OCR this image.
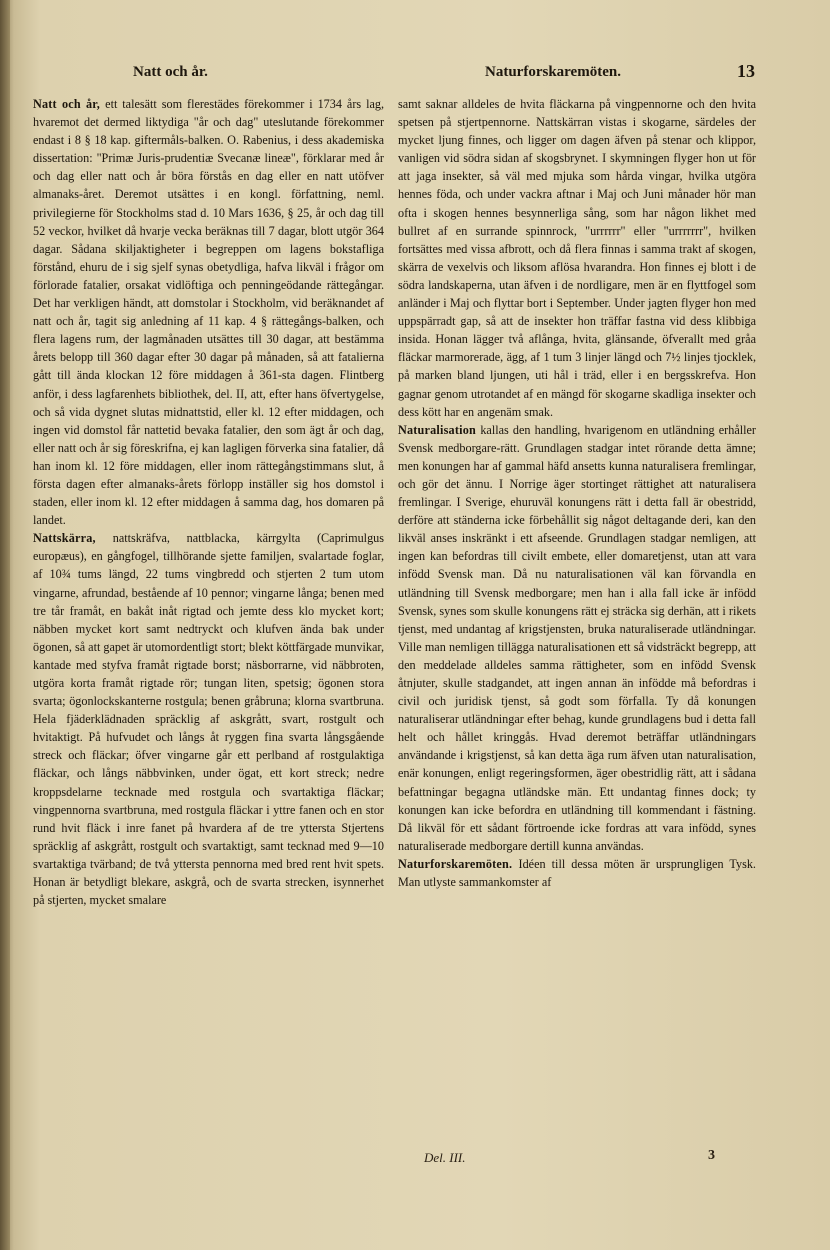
Natt och år.	Naturforskaremöten.	13

Natt och år, ett talesätt som flerestädes förekommer i 1734 års lag, hvaremot det dermed liktydiga "år och dag" uteslutande förekommer endast i 8 § 18 kap. giftermåls-balken. O. Rabenius, i dess akademiska dissertation: "Primæ Juris-prudentiæ Svecanæ lineæ", förklarar med år och dag eller natt och år böra förstås en dag eller en natt utöfver almanaks-året. Deremot utsättes i en kongl. författning, neml. privilegierne för Stockholms stad d. 10 Mars 1636, § 25, år och dag till 52 veckor, hvilket då hvarje vecka beräknas till 7 dagar, blott utgör 364 dagar. Sådana skiljaktigheter i begreppen om lagens bokstafliga förstånd, ehuru de i sig sjelf synas obetydliga, hafva likväl i frågor om förlorade fatalier, orsakat vidlöftiga och penningeödande rättegångar. Det har verkligen händt, att domstolar i Stockholm, vid beräknandet af natt och år, tagit sig anledning af 11 kap. 4 § rättegångs-balken, och flera lagens rum, der lagmånaden utsättes till 30 dagar, att bestämma årets belopp till 360 dagar efter 30 dagar på månaden, så att fatalierna gått till ända klockan 12 före middagen å 361-sta dagen. Flintberg anför, i dess lagfarenhets bibliothek, del. II, att, efter hans öfvertygelse, och så vida dygnet slutas midnattstid, eller kl. 12 efter middagen, och ingen vid domstol får nattetid bevaka fatalier, den som ägt år och dag, eller natt och år sig föreskrifna, ej kan lagligen förverka sina fatalier, då han inom kl. 12 före middagen, eller inom rättegångstimmans slut, å första dagen efter almanaks-årets förlopp inställer sig hos domstol i staden, eller inom kl. 12 efter middagen å samma dag, hos domaren på landet.

Nattskärra, nattskräfva, nattblacka, kärrgylta (Caprimulgus europæus), en gångfogel, tillhörande sjette familjen, svalartade foglar, af 10¾ tums längd, 22 tums vingbredd och stjerten 2 tum utom vingarne, afrundad, bestående af 10 pennor; vingarne långa; benen med tre tår framåt, en bakåt inåt rigtad och jemte dess klo mycket kort; näbben mycket kort samt nedtryckt och klufven ända bak under ögonen, så att gapet är utomordentligt stort; blekt köttfärgade munvikar, kantade med styfva framåt rigtade borst; näsborrarne, vid näbbroten, utgöra korta framåt rigtade rör; tungan liten, spetsig; ögonen stora svarta; ögonlockskanterne rostgula; benen gråbruna; klorna svartbruna. Hela fjäderklädnaden spräcklig af askgrått, svart, rostgult och hvitaktigt. På hufvudet och långs åt ryggen fina svarta långsgående streck och fläckar; öfver vingarne går ett perlband af rostgulaktiga fläckar, och långs näbbvinken, under ögat, ett kort streck; nedre kroppsdelarne tecknade med rostgula och svartaktiga fläckar; vingpennorna svartbruna, med rostgula fläckar i yttre fanen och en stor rund hvit fläck i inre fanet på hvardera af de tre yttersta Stjertens spräcklig af askgrått, rostgult och svartaktigt, samt tecknad med 9—10 svartaktiga tvärband; de två yttersta pennorna med bred rent hvit spets. Honan är betydligt blekare, askgrå, och de svarta strecken, isynnerhet på stjerten, mycket smalare

samt saknar alldeles de hvita fläckarna på vingpennorne och den hvita spetsen på stjertpennorne. Nattskärran vistas i skogarne, särdeles der mycket ljung finnes, och ligger om dagen äfven på stenar och klippor, vanligen vid södra sidan af skogsbrynet. I skymningen flyger hon ut för att jaga insekter, så väl med mjuka som hårda vingar, hvilka utgöra hennes föda, och under vackra aftnar i Maj och Juni månader hör man ofta i skogen hennes besynnerliga sång, som har någon likhet med bullret af en surrande spinnrock, "urrrrrr" eller "urrrrrrr", hvilken fortsättes med vissa afbrott, och då flera finnas i samma trakt af skogen, skärra de vexelvis och liksom aflösa hvarandra. Hon finnes ej blott i de södra landskaperna, utan äfven i de nordligare, men är en flyttfogel som anländer i Maj och flyttar bort i September. Under jagten flyger hon med uppspärradt gap, så att de insekter hon träffar fastna vid dess klibbiga insida. Honan lägger två aflånga, hvita, glänsande, öfverallt med gråa fläckar marmorerade, ägg, af 1 tum 3 linjer längd och 7½ linjes tjocklek, på marken bland ljungen, uti hål i träd, eller i en bergsskrefva. Hon gagnar genom utrotandet af en mängd för skogarne skadliga insekter och dess kött har en angenäm smak.

Naturalisation kallas den handling, hvarigenom en utländning erhåller Svensk medborgare-rätt. Grundlagen stadgar intet rörande detta ämne; men konungen har af gammal häfd ansetts kunna naturalisera fremlingar, och gör det ännu. I Norrige äger stortinget rättighet att naturalisera fremlingar. I Sverige, ehuruväl konungens rätt i detta fall är obestridd, derföre att ständerna icke förbehållit sig något deltagande deri, kan den likväl anses inskränkt i ett afseende. Grundlagen stadgar nemligen, att ingen kan befordras till civilt embete, eller domaretjenst, utan att vara infödd Svensk man. Då nu naturalisationen väl kan förvandla en utländning till Svensk medborgare; men han i alla fall icke är infödd Svensk, synes som skulle konungens rätt ej sträcka sig derhän, att i rikets tjenst, med undantag af krigstjensten, bruka naturaliserade utländningar. Ville man nemligen tillägga naturalisationen ett så vidsträckt begrepp, att den meddelade alldeles samma rättigheter, som en infödd Svensk åtnjuter, skulle stadgandet, att ingen annan än infödde må befordras i civil och juridisk tjenst, så godt som förfalla. Ty då konungen naturaliserar utländningar efter behag, kunde grundlagens bud i detta fall helt och hållet kringgås. Hvad deremot beträffar utländningars användande i krigstjenst, så kan detta äga rum äfven utan naturalisation, enär konungen, enligt regeringsformen, äger obestridlig rätt, att i sådana befattningar begagna utländske män. Ett undantag finnes dock; ty konungen kan icke befordra en utländning till kommendant i fästning. Då likväl för ett sådant förtroende icke fordras att vara infödd, synes naturaliserade medborgare dertill kunna användas.

Naturforskaremöten. Idéen till dessa möten är ursprungligen Tysk. Man utlyste sammankomster af

Del. III.	3
